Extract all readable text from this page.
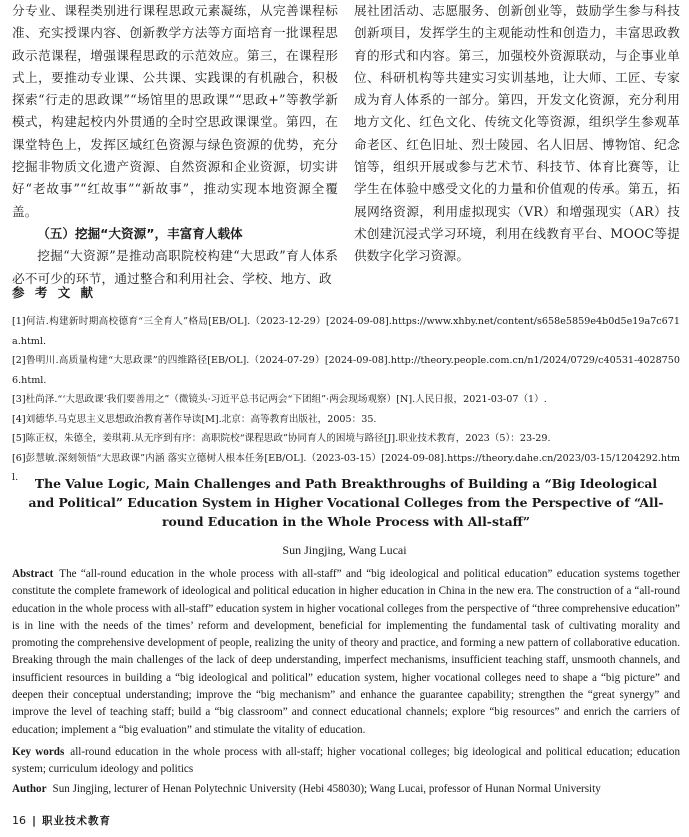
分专业、课程类别进行课程思政元素凝练，从完善课程标准、充实授课内容、创新教学方法等方面培育一批课程思政示范课程，增强课程思政的示范效应。第三，在课程形式上，要推动专业课、公共课、实践课的有机融合，积极探索“行走的思政课”“场馆里的思政课”“思政+”等教学新模式，构建起校内外贯通的全时空思政课课堂。第四，在课堂特色上，发挥区域红色资源与绿色资源的优势，充分挖掘非物质文化遗产资源、自然资源和企业资源，切实讲好“老故事”“红故事”“新故事”，推动实现本地资源全覆盖。

（五）挖掘“大资源”，丰富育人载体

挖掘“大资源”是推动高职院校构建“大思政”育人体系必不可少的环节，通过整合和利用社会、学校、地方、政

展社团活动、志愿服务、创新创业等，鼓励学生参与科技创新项目，发挥学生的主观能动性和创造力，丰富思政教育的形式和内容。第三，加强校外资源联动，与企事业单位、科研机构等共建实习实训基地，让大师、工匠、专家成为育人体系的一部分。第四，开发文化资源，充分利用地方文化、红色文化、传统文化等资源，组织学生参观革命老区、红色旧址、烈士陵园、名人旧居、博物馆、纪念馆等，组织开展或参与艺术节、科技节、体育比赛等，让学生在体验中感受文化的力量和价值观的传承。第五，拓展网络资源，利用虚拟现实（VR）和增强现实（AR）技术创建沉浸式学习环境，利用在线教育平台、MOOC等提供数字化学习资源。

参 考 文 献
[1]何洁.构建新时期高校德育“三全育人”格局[EB/OL].（2023-12-29）[2024-09-08].https://www.xhby.net/content/s658e5859e4b0d5e19a7c671a.html.
[2]鲁明川.高质量构建“大思政课”的四维路径[EB/OL].（2024-07-29）[2024-09-08].http://theory.people.com.cn/n1/2024/0729/c40531-40287506.html.
[3]杜尚泽.“‘大思政课’我们要善用之”（微镜头·习近平总书记两会“下团组”·两会现场观察）[N].人民日报，2021-03-07（1）.
[4]刘德华.马克思主义思想政治教育著作导读[M].北京：高等教育出版社，2005：35.
[5]陈正权，朱德全，姜琪莉.从无序到有序：高职院校“课程思政”协同育人的困境与路径[J].职业技术教育，2023（5）：23-29.
[6]彭慧敏.深刻领悟“大思政课”内涵 落实立德树人根本任务[EB/OL].（2023-03-15）[2024-09-08].https://theory.dahe.cn/2023/03-15/1204292.html.	The Value Logic, Main Challenges and Path Breakthroughs of Building a “Big Ideological and Political” Education System in Higher Vocational Colleges from the Perspective of “All-round Education in the Whole Process with All-staff”
Sun Jingjing, Wang Lucai
Abstract The “all-round education in the whole process with all-staff” and “big ideological and political education” education systems together constitute the complete framework of ideological and political education in higher education in China in the new era. The construction of a “all-round education in the whole process with all-staff” education system in higher vocational colleges from the perspective of “three comprehensive education” is in line with the needs of the times’ reform and development, beneficial for implementing the fundamental task of cultivating morality and promoting the comprehensive development of people, realizing the unity of theory and practice, and forming a new pattern of collaborative education. Breaking through the main challenges of the lack of deep understanding, imperfect mechanisms, insufficient teaching staff, unsmooth channels, and insufficient resources in building a “big ideological and political” education system, higher vocational colleges need to shape a “big picture” and deepen their conceptual understanding; improve the “big mechanism” and enhance the guarantee capability; strengthen the “great synergy” and improve the level of teaching staff; build a “big classroom” and connect educational channels; explore “big resources” and enrich the carriers of education; implement a “big evaluation” and stimulate the vitality of education.
Key words all-round education in the whole process with all-staff; higher vocational colleges; big ideological and political education; education system; curriculum ideology and politics
Author Sun Jingjing, lecturer of Henan Polytechnic University (Hebi 458030); Wang Lucai, professor of Hunan Normal University
16 | 职业技术教育
